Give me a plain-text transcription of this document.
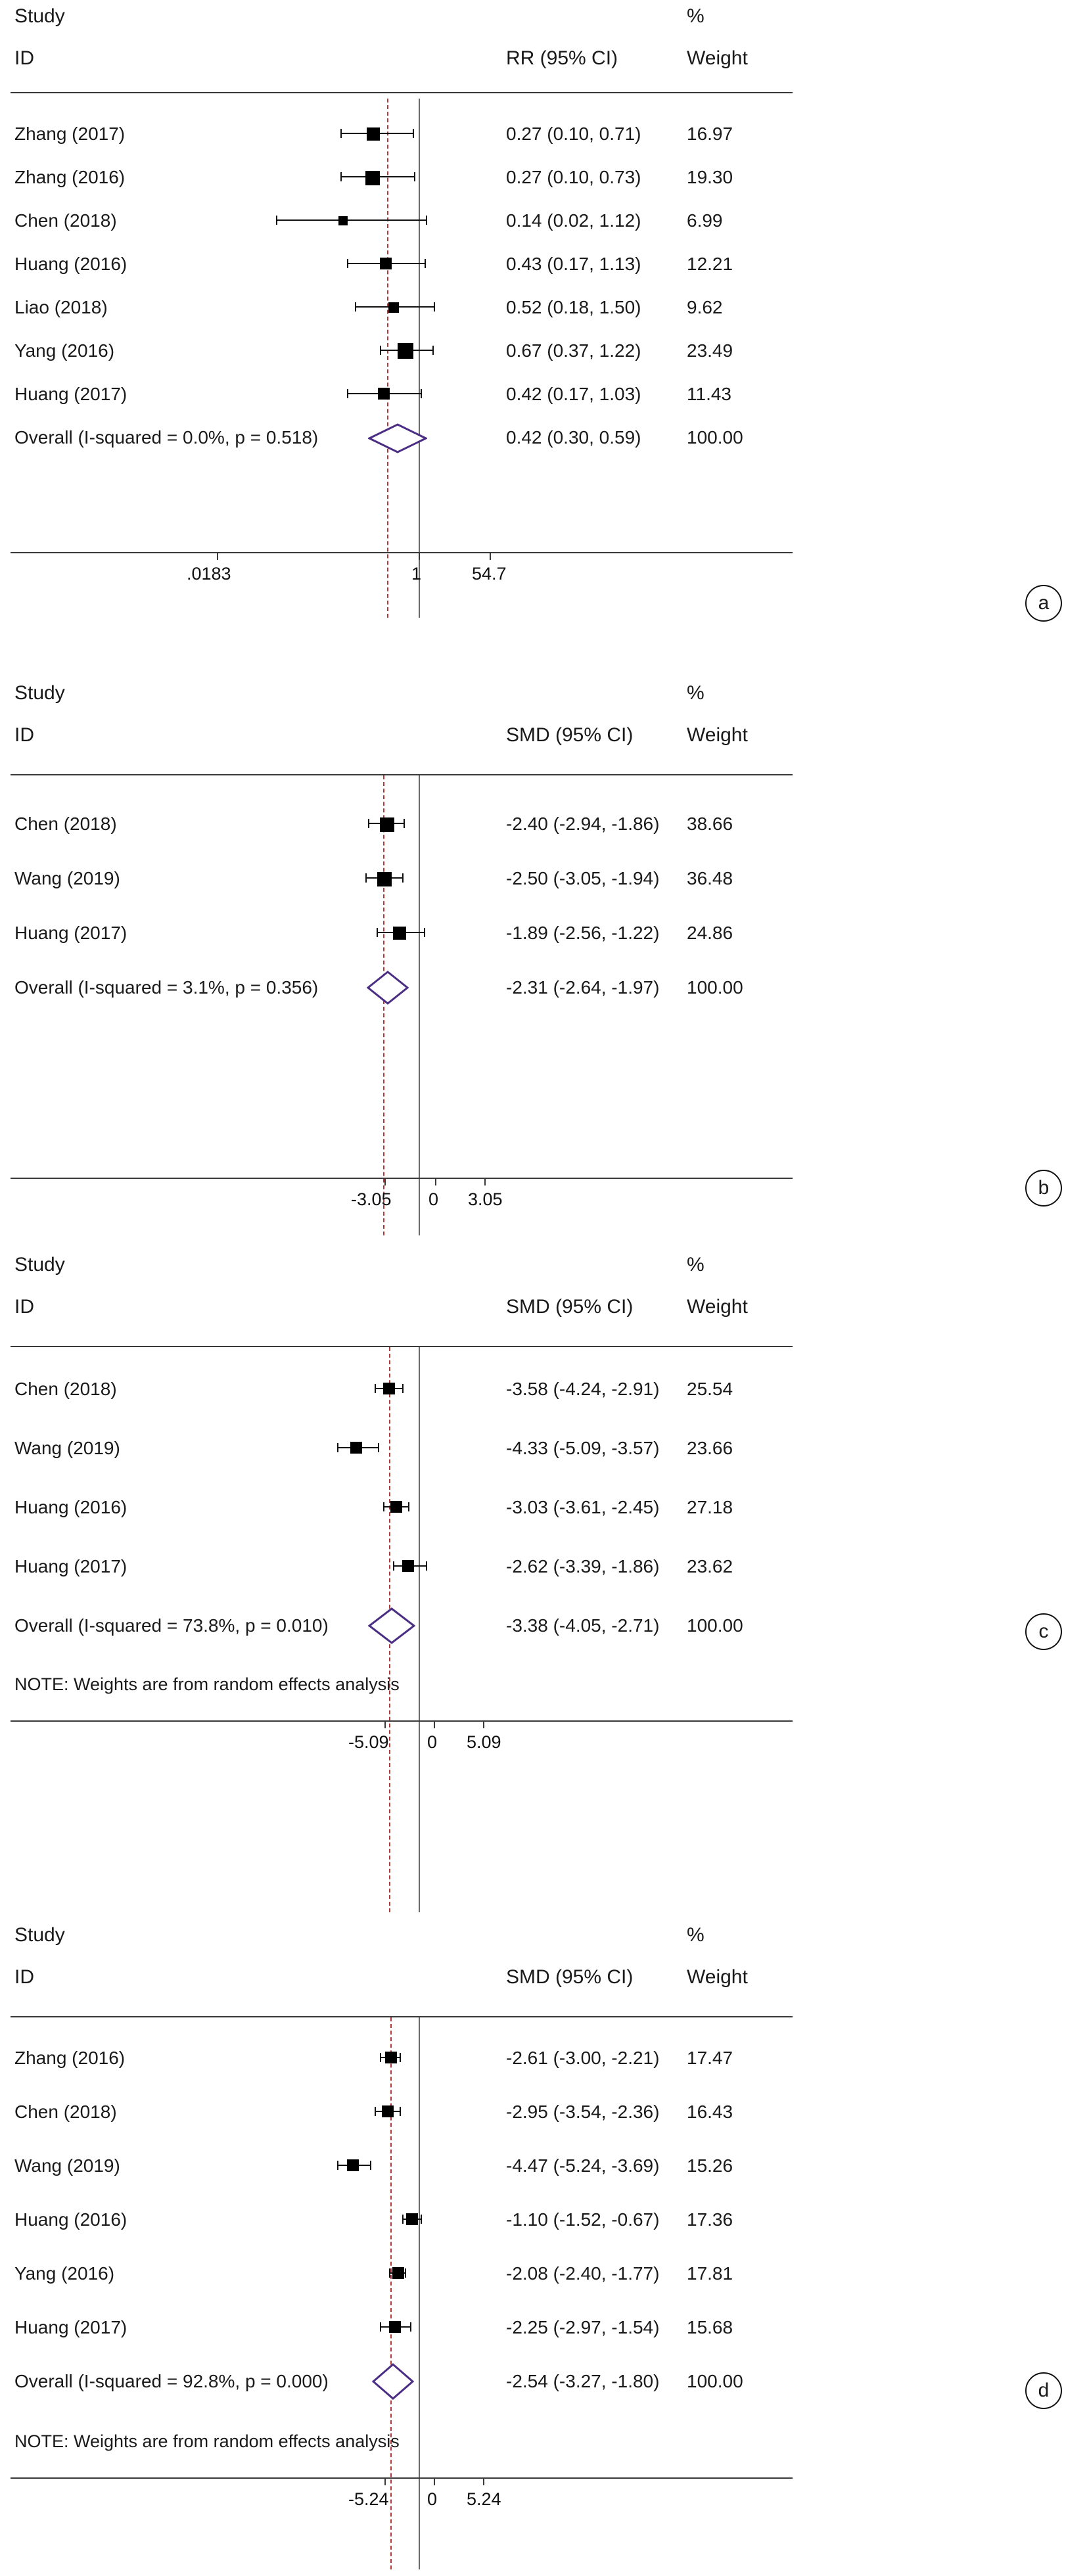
Study
ID	RR (95% CI)
%
Weight
Zhang (2017)	0.27 (0.10, 0.71) 16.97
Zhang (2016)	0.27 (0.10, 0.73) 19.30
Chen (2018)	0.14 (0.02, 1.12) 6.99
Huang (2016)	0.43 (0.17, 1.13) 12.21
Liao (2018)	0.52 (0.18, 1.50) 9.62
Yang (2016)	0.67 (0.37, 1.22) 23.49
Huang (2017)	0.42 (0.17, 1.03) 11.43
Overall (I-squared = 0.0%, p = 0.518)	0.42 (0.30, 0.59) 100.00
.0183	1	54.7
a
Study
ID	SMD (95% CI)
%
Weight
Chen (2018)	-2.40 (-2.94, -1.86) 38.66
Wang (2019)	-2.50 (-3.05, -1.94) 36.48
Huang (2017)	-1.89 (-2.56, -1.22) 24.86
Overall (I-squared = 3.1%, p = 0.356)	-2.31 (-2.64, -1.97) 100.00
-3.05 0 3.05
b
Study
ID	SMD (95% CI)
%
Weight
Chen (2018)	-3.58 (-4.24, -2.91) 25.54
Wang (2019)	-4.33 (-5.09, -3.57) 23.66
Huang (2016)	-3.03 (-3.61, -2.45) 27.18
Huang (2017)	-2.62 (-3.39, -1.86) 23.62
Overall (I-squared = 73.8%, p = 0.010)	-3.38 (-4.05, -2.71) 100.00
NOTE: Weights are from random effects analysis
-5.09 0 5.09
c
Study
ID	SMD (95% CI)
%
Weight
Zhang (2016)	-2.61 (-3.00, -2.21) 17.47
Chen (2018)	-2.95 (-3.54, -2.36) 16.43
Wang (2019)	-4.47 (-5.24, -3.69) 15.26
Huang (2016)	-1.10 (-1.52, -0.67) 17.36
Yang (2016)	-2.08 (-2.40, -1.77) 17.81
Huang (2017)	-2.25 (-2.97, -1.54) 15.68
Overall (I-squared = 92.8%, p = 0.000)	-2.54 (-3.27, -1.80) 100.00
NOTE: Weights are from random effects analysis
-5.24 0 5.24
d
